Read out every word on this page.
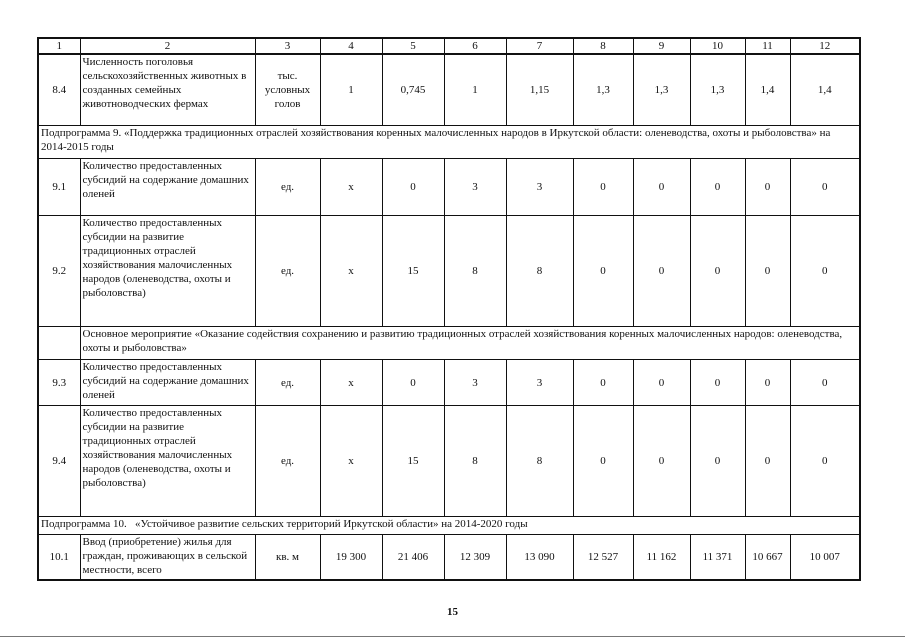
1	2	3	4	5	6	7	8	9	10	11	12
8.4	Численность поголовья сельскохозяйственных животных в созданных семейных животноводческих фермах	тыс. условных голов	1	0,745	1	1,15	1,3	1,3	1,3	1,4	1,4
Подпрограмма 9. «Поддержка традиционных отраслей хозяйствования коренных малочисленных народов в Иркутской области: оленеводства, охоты и рыболовства» на 2014-2015 годы											
9.1	Количество предоставленных субсидий на содержание домашних оленей	ед.	х	0	3	3	0	0	0	0	0
9.2	Количество предоставленных субсидии на развитие традиционных отраслей хозяйствования малочисленных народов (оленеводства, охоты и рыболовства)	ед.	х	15	8	8	0	0	0	0	0
	Основное мероприятие «Оказание содействия сохранению и развитию традиционных отраслей хозяйствования коренных малочисленных народов: оленеводства, охоты и рыболовства»										
9.3	Количество предоставленных субсидий на содержание домашних оленей	ед.	х	0	3	3	0	0	0	0	0
9.4	Количество предоставленных субсидии на развитие традиционных отраслей хозяйствования малочисленных народов (оленеводства, охоты и рыболовства)	ед.	х	15	8	8	0	0	0	0	0
Подпрограмма 10.   «Устойчивое развитие сельских территорий Иркутской области» на 2014-2020 годы											
10.1	Ввод (приобретение) жилья для граждан, проживающих в сельской местности, всего	кв. м	19 300	21 406	12 309	13 090	12 527	11 162	11 371	10 667	10 007
15
